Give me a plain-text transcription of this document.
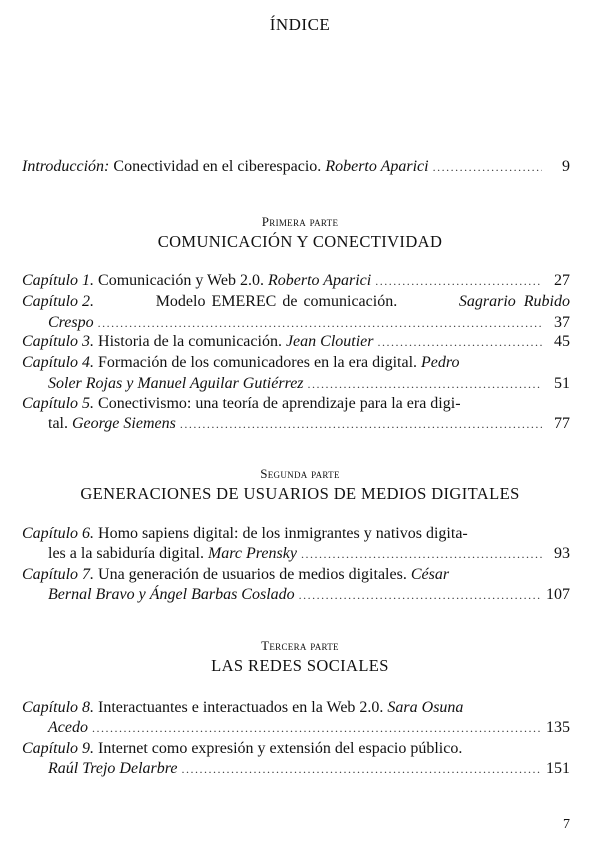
ÍNDICE
Introducción: Conectividad en el ciberespacio. Roberto Aparici .....	9
Primera parte
COMUNICACIÓN Y CONECTIVIDAD
Capítulo 1. Comunicación y Web 2.0. Roberto Aparici .....	27
Capítulo 2.	Modelo EMEREC de comunicación.	Sagrario Rubido
Crespo .....	37
Capítulo 3. Historia de la comunicación. Jean Cloutier .....	45
Capítulo 4. Formación de los comunicadores en la era digital. Pedro
Soler Rojas y Manuel Aguilar Gutiérrez .....	51
Capítulo 5. Conectivismo: una teoría de aprendizaje para la era digi-
tal. George Siemens .....	77
Segunda parte
GENERACIONES DE USUARIOS DE MEDIOS DIGITALES
Capítulo 6. Homo sapiens digital: de los inmigrantes y nativos digita-
les a la sabiduría digital. Marc Prensky .....	93
Capítulo 7. Una generación de usuarios de medios digitales. César
Bernal Bravo y Ángel Barbas Coslado .....	107
Tercera parte
LAS REDES SOCIALES
Capítulo 8. Interactuantes e interactuados en la Web 2.0. Sara Osuna
Acedo .....	135
Capítulo 9. Internet como expresión y extensión del espacio público.
Raúl Trejo Delarbre .....	151
7
